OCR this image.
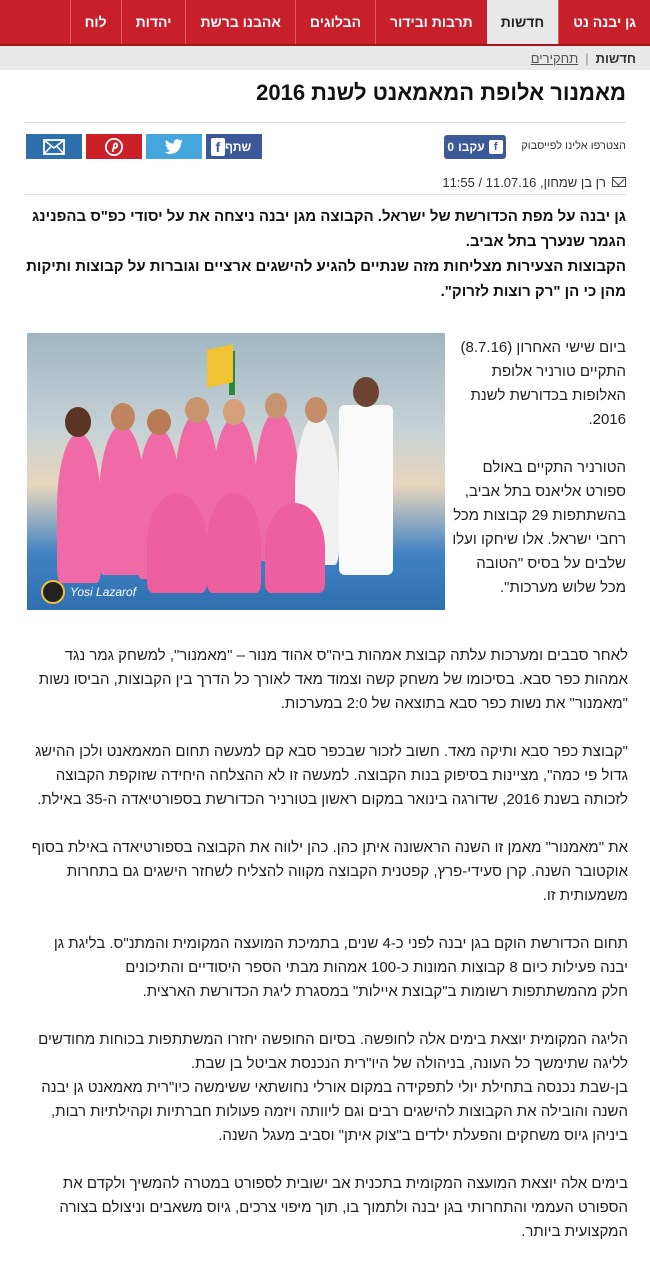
גן יבנה נט
חדשות
תרבות ובידור
הבלוגים
אהבנו ברשת
יהדות
לוח
חדשות
|
תחקירים
מאמנור אלופת המאמאנט לשנת 2016
הצטרפו אלינו לפייסבוק
f
עקבו
0
שתף
f
רן בן שמחון, 11.07.16 / 11:55

גן יבנה על מפת הכדורשת של ישראל. הקבוצה מגן יבנה ניצחה את על יסודי כפ"ס בהפנינג הגמר שנערך בתל אביב.

הקבוצות הצעירות מצליחות מזה שנתיים להגיע להישגים ארציים וגוברות על קבוצות ותיקות מהן כי הן "רק רוצות לזרוק".

Yosi Lazarof

ביום שישי האחרון (8.7.16) התקיים טורניר אלופת האלופות בכדורשת לשנת 2016.

הטורניר התקיים באולם ספורט אליאנס בתל אביב, בהשתתפות 29 קבוצות מכל רחבי ישראל. אלו שיחקו ועלו שלבים על בסיס "הטובה מכל שלוש מערכות".

לאחר סבבים ומערכות עלתה קבוצת אמהות ביה"ס אהוד מנור – "מאמנור", למשחק גמר נגד אמהות כפר סבא. בסיכומו של משחק קשה וצמוד מאד לאורך כל הדרך בין הקבוצות, הביסו נשות "מאמנור" את נשות כפר סבא בתוצאה של 2:0 במערכות.

"קבוצת כפר סבא ותיקה מאד. חשוב לזכור שבכפר סבא קם למעשה תחום המאמאנט ולכן ההישג גדול פי כמה", מציינות בסיפוק בנות הקבוצה. למעשה זו לא ההצלחה היחידה שזוקפת הקבוצה לזכותה בשנת 2016, שדורגה בינואר במקום ראשון בטורניר הכדורשת בספורטיאדה ה-35 באילת.

את "מאמנור" מאמן זו השנה הראשונה איתן כהן. כהן ילווה את הקבוצה בספורטיאדה באילת בסוף אוקטובר השנה. קרן סעידי-פרץ, קפטנית הקבוצה מקווה להצליח לשחזר הישגים גם בתחרות משמעותית זו.

תחום הכדורשת הוקם בגן יבנה לפני כ-4 שנים, בתמיכת המועצה המקומית והמתנ"ס. בליגת גן יבנה פעילות כיום 8 קבוצות המונות כ-100 אמהות מבתי הספר היסודיים והתיכונים

חלק מהמשתתפות רשומות ב"קבוצת איילות" במסגרת ליגת הכדורשת הארצית.

הליגה המקומית יוצאת בימים אלה לחופשה. בסיום החופשה יחזרו המשתתפות בכוחות מחודשים לליגה שתימשך כל העונה, בניהולה של היו"רית הנכנסת אביטל בן שבת.

בן-שבת נכנסה בתחילת יולי לתפקידה במקום אורלי נחושתאי ששימשה כיו"רית מאמאנט גן יבנה השנה והובילה את הקבוצות להישגים רבים וגם ליוותה ויזמה פעולות חברתיות וקהילתיות רבות, ביניהן גיוס משחקים והפעלת ילדים ב"צוק איתן" וסביב מעגל השנה.

בימים אלה יוצאת המועצה המקומית בתכנית אב ישובית לספורט במטרה להמשיך ולקדם את הספורט העממי והתחרותי בגן יבנה ולתמוך בו, תוך מיפוי צרכים, גיוס משאבים וניצולם בצורה המקצועית ביותר.
